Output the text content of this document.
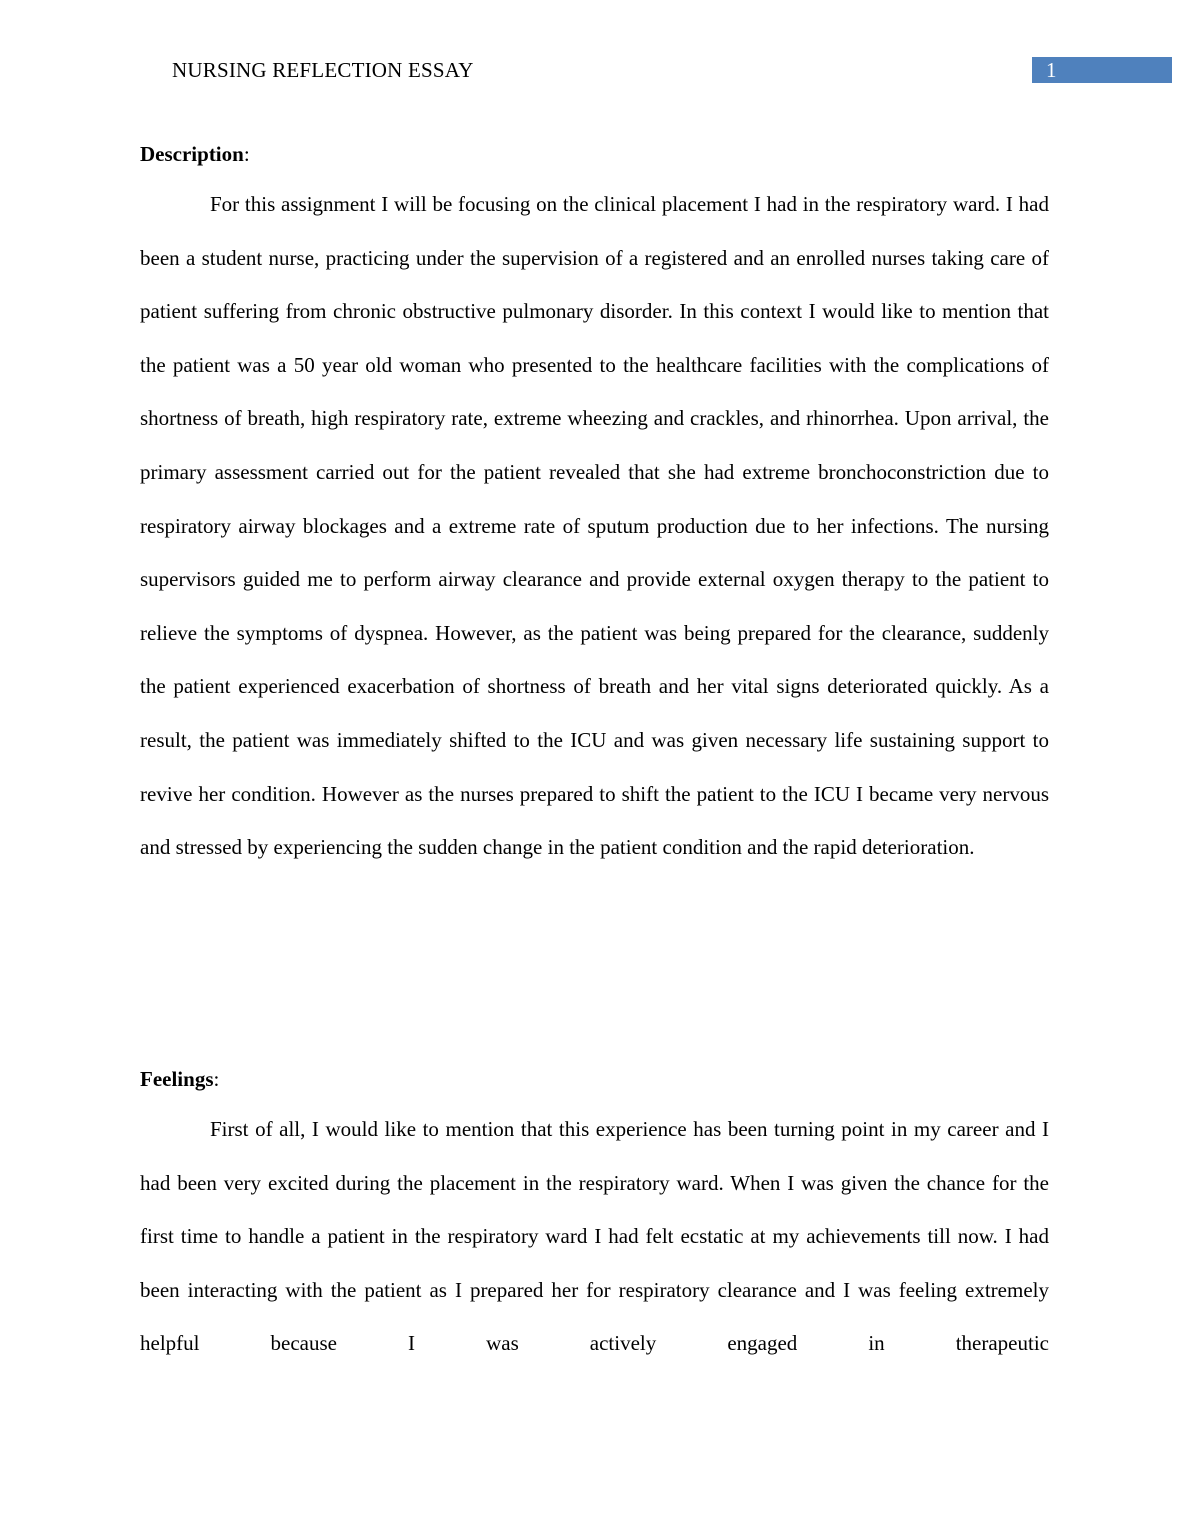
NURSING REFLECTION ESSAY	1
Description:

For this assignment I will be focusing on the clinical placement I had in the respiratory ward. I had been a student nurse, practicing under the supervision of a registered and an enrolled nurses taking care of patient suffering from chronic obstructive pulmonary disorder. In this context I would like to mention that the patient was a 50 year old woman who presented to the healthcare facilities with the complications of shortness of breath, high respiratory rate, extreme wheezing and crackles, and rhinorrhea. Upon arrival, the primary assessment carried out for the patient revealed that she had extreme bronchoconstriction due to respiratory airway blockages and a extreme rate of sputum production due to her infections. The nursing supervisors guided me to perform airway clearance and provide external oxygen therapy to the patient to relieve the symptoms of dyspnea. However, as the patient was being prepared for the clearance, suddenly the patient experienced exacerbation of shortness of breath and her vital signs deteriorated quickly. As a result, the patient was immediately shifted to the ICU and was given necessary life sustaining support to revive her condition. However as the nurses prepared to shift the patient to the ICU I became very nervous and stressed by experiencing the sudden change in the patient condition and the rapid deterioration.

Feelings:

First of all, I would like to mention that this experience has been turning point in my career and I had been very excited during the placement in the respiratory ward. When I was given the chance for the first time to handle a patient in the respiratory ward I had felt ecstatic at my achievements till now. I had been interacting with the patient as I prepared her for respiratory clearance and I was feeling extremely helpful because I was actively engaged in therapeutic
